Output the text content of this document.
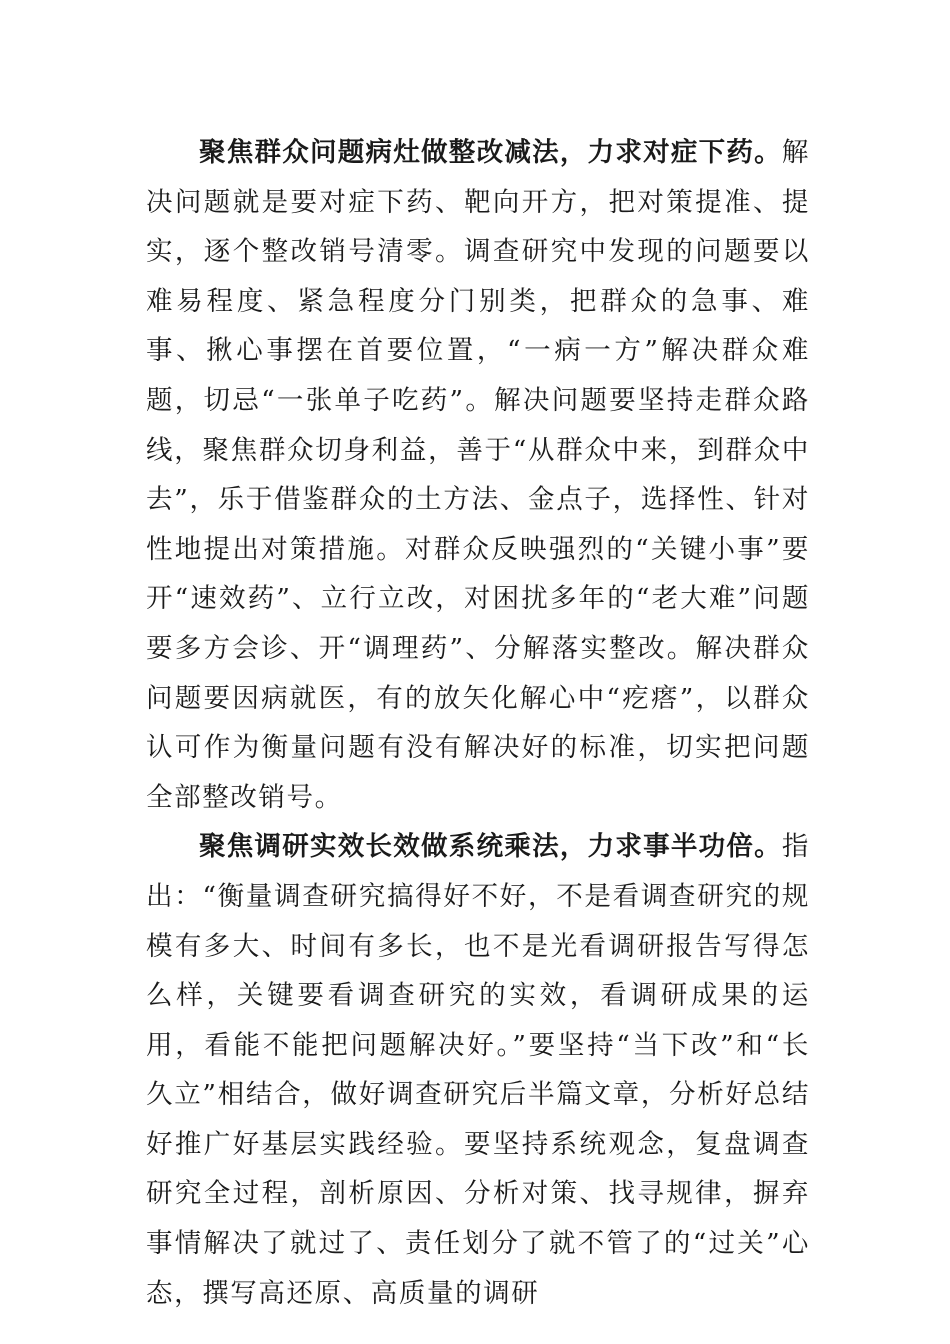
聚焦群众问题病灶做整改减法，力求对症下药。解决问题就是要对症下药、靶向开方，把对策提准、提实，逐个整改销号清零。调查研究中发现的问题要以难易程度、紧急程度分门别类，把群众的急事、难事、揪心事摆在首要位置，“一病一方”解决群众难题，切忌“一张单子吃药”。解决问题要坚持走群众路线，聚焦群众切身利益，善于“从群众中来，到群众中去”，乐于借鉴群众的土方法、金点子，选择性、针对性地提出对策措施。对群众反映强烈的“关键小事”要开“速效药”、立行立改，对困扰多年的“老大难”问题要多方会诊、开“调理药”、分解落实整改。解决群众问题要因病就医，有的放矢化解心中“疙瘩”，以群众认可作为衡量问题有没有解决好的标准，切实把问题全部整改销号。

聚焦调研实效长效做系统乘法，力求事半功倍。指出：“衡量调查研究搞得好不好，不是看调查研究的规模有多大、时间有多长，也不是光看调研报告写得怎么样，关键要看调查研究的实效，看调研成果的运用，看能不能把问题解决好。”要坚持“当下改”和“长久立”相结合，做好调查研究后半篇文章，分析好总结好推广好基层实践经验。要坚持系统观念，复盘调查研究全过程，剖析原因、分析对策、找寻规律，摒弃事情解决了就过了、责任划分了就不管了的“过关”心态，撰写高还原、高质量的调研
